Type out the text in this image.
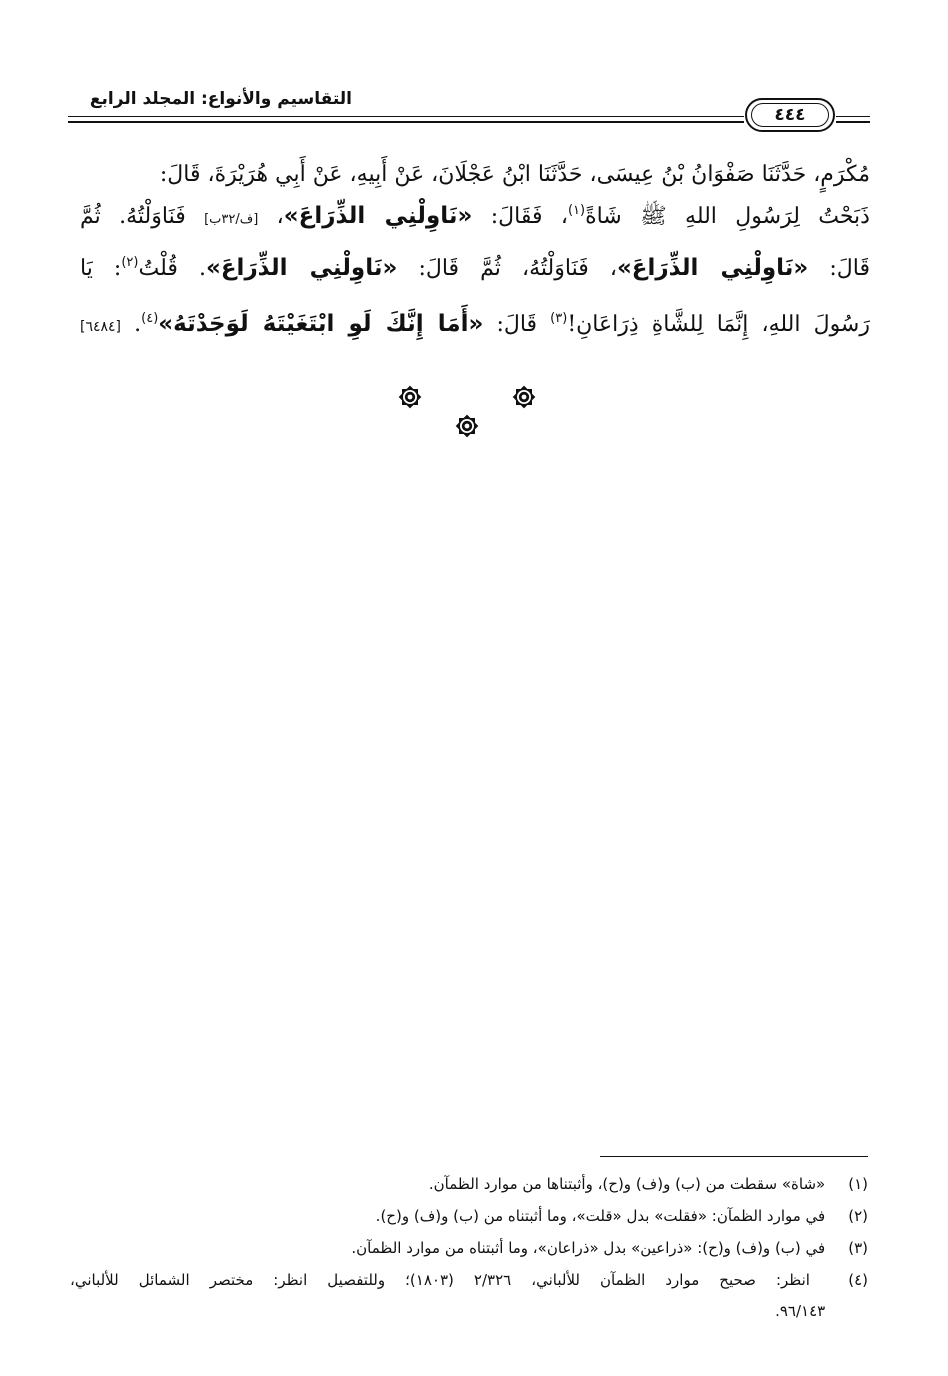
التقاسيم والأنواع: المجلد الرابع
٤٤٤
مُكْرَمٍ، حَدَّثَنَا صَفْوَانُ بْنُ عِيسَى، حَدَّثَنَا ابْنُ عَجْلَانَ، عَنْ أَبِيهِ، عَنْ أَبِي هُرَيْرَةَ، قَالَ:
ذَبَحْتُ لِرَسُولِ اللهِ ﷺ شَاةً$^{(١)}$، فَقَالَ: «نَاوِلْنِي الذِّرَاعَ»، [ف/٣٢ب] فَنَاوَلْتُهُ. ثُمَّ
قَالَ: «نَاوِلْنِي الذِّرَاعَ»، فَنَاوَلْتُهُ، ثُمَّ قَالَ: «نَاوِلْنِي الذِّرَاعَ». قُلْتُ$^{(٢)}$: يَا
رَسُولَ اللهِ، إِنَّمَا لِلشَّاةِ ذِرَاعَانِ!$^{(٣)}$ قَالَ: «أَمَا إِنَّكَ لَوِ ابْتَغَيْتَهُ لَوَجَدْتَهُ»$^{(٤)}$. [٦٤٨٤]
(١) «شاة» سقطت من (ب) و(ف) و(ح)، وأثبتناها من موارد الظمآن.
(٢) في موارد الظمآن: «فقلت» بدل «قلت»، وما أثبتناه من (ب) و(ف) و(ح).
(٣) في (ب) و(ف) و(ح): «ذراعين» بدل «ذراعان»، وما أثبتناه من موارد الظمآن.
(٤) انظر: صحيح موارد الظمآن للألباني، ٢/٣٢٦ (١٨٠٣)؛ وللتفصيل انظر: مختصر الشمائل للألباني،
٩٦/١٤٣.
